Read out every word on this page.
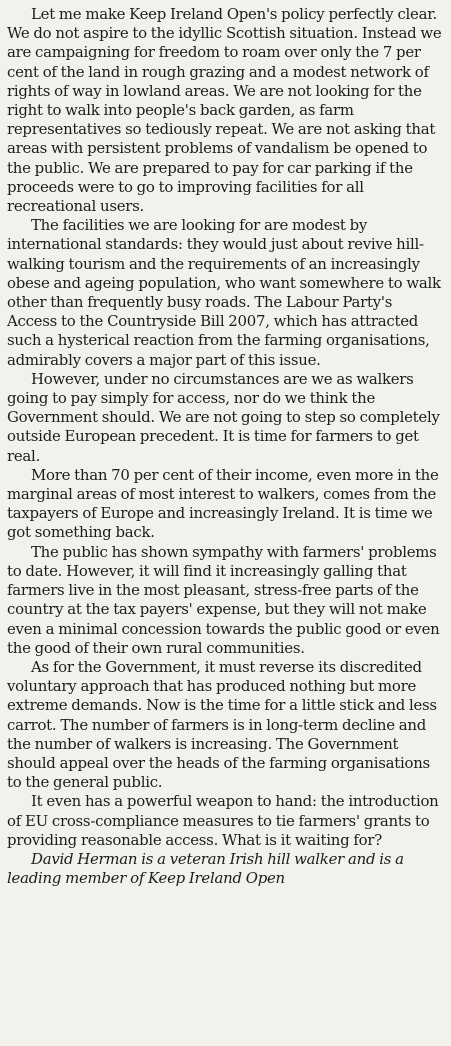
Let me make Keep Ireland Open's policy perfectly clear. We do not aspire to the idyllic Scottish situation. Instead we are campaigning for freedom to roam over only the 7 per cent of the land in rough grazing and a modest network of rights of way in lowland areas. We are not looking for the right to walk into people's back garden, as farm representatives so tediously repeat. We are not asking that areas with persistent problems of vandalism be opened to the public. We are prepared to pay for car parking if the proceeds were to go to improving facilities for all recreational users.

The facilities we are looking for are modest by international standards: they would just about revive hill-walking tourism and the requirements of an increasingly obese and ageing population, who want somewhere to walk other than frequently busy roads. The Labour Party's Access to the Countryside Bill 2007, which has attracted such a hysterical reaction from the farming organisations, admirably covers a major part of this issue.

However, under no circumstances are we as walkers going to pay simply for access, nor do we think the Government should. We are not going to step so completely outside European precedent. It is time for farmers to get real.

More than 70 per cent of their income, even more in the marginal areas of most interest to walkers, comes from the taxpayers of Europe and increasingly Ireland. It is time we got something back.

The public has shown sympathy with farmers' problems to date. However, it will find it increasingly galling that farmers live in the most pleasant, stress-free parts of the country at the tax payers' expense, but they will not make even a minimal concession towards the public good or even the good of their own rural communities.

As for the Government, it must reverse its discredited voluntary approach that has produced nothing but more extreme demands. Now is the time for a little stick and less carrot. The number of farmers is in long-term decline and the number of walkers is increasing. The Government should appeal over the heads of the farming organisations to the general public.

It even has a powerful weapon to hand: the introduction of EU cross-compliance measures to tie farmers' grants to providing reasonable access. What is it waiting for?

David Herman is a veteran Irish hill walker and is a leading member of Keep Ireland Open
